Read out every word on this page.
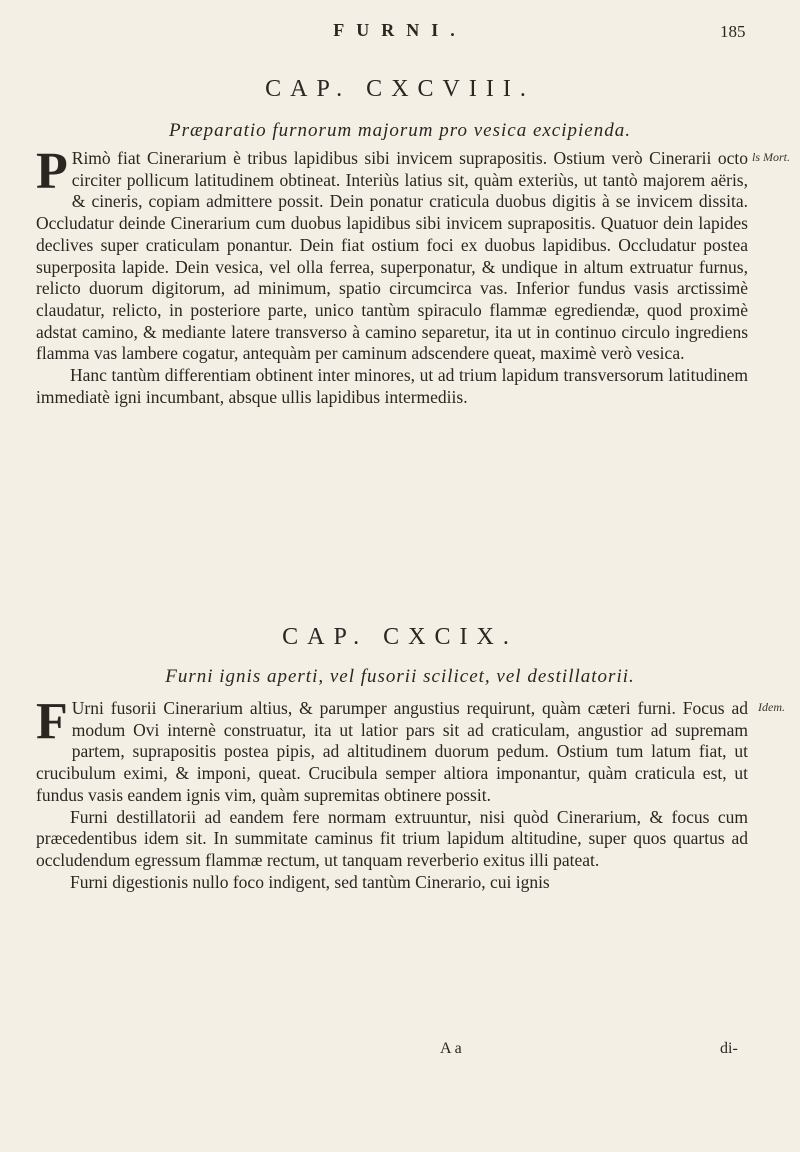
FURNI.	185
CAP. CXCVIII.
Præparatio furnorum majorum pro vesica excipienda.
ls Mort.

P Rimò fiat Cinerarium è tribus lapidibus sibi invicem suprapositis. Ostium verò Cinerarii octo circiter pollicum latitudinem obtineat. Interiùs latius sit, quàm exteriùs, ut tantò majorem aëris, & cineris, copiam admittere possit. Dein ponatur craticula duobus digitis à se invicem dissita. Occludatur deinde Cinerarium cum duobus lapidibus sibi invicem suprapositis. Quatuor dein lapides declives super craticulam ponantur. Dein fiat ostium foci ex duobus lapidibus. Occludatur postea superposita lapide. Dein vesica, vel olla ferrea, superponatur, & undique in altum extruatur furnus, relicto duorum digitorum, ad minimum, spatio circumcirca vas. Inferior fundus vasis arctissimè claudatur, relicto, in posteriore parte, unico tantùm spiraculo flammæ egrediendæ, quod proximè adstat camino, & mediante latere transverso à camino separetur, ita ut in continuo circulo ingrediens flamma vas lambere cogatur, antequàm per caminum adscendere queat, maximè verò vesica.

Hanc tantùm differentiam obtinent inter minores, ut ad trium lapidum transversorum latitudinem immediatè igni incumbant, absque ullis lapidibus intermediis.

CAP. CXCIX.
Furni ignis aperti, vel fusorii scilicet, vel destillatorii.
Idem.

F Urni fusorii Cinerarium altius, & parumper angustius requirunt, quàm cæteri furni. Focus ad modum Ovi internè construatur, ita ut latior pars sit ad craticulam, angustior ad supremam partem, suprapositis postea pipis, ad altitudinem duorum pedum. Ostium tum latum fiat, ut crucibulum eximi, & imponi, queat. Crucibula semper altiora imponantur, quàm craticula est, ut fundus vasis eandem ignis vim, quàm supremitas obtinere possit.

Furni destillatorii ad eandem fere normam extruuntur, nisi quòd Cinerarium, & focus cum præcedentibus idem sit. In summitate caminus fit trium lapidum altitudine, super quos quartus ad occludendum egressum flammæ rectum, ut tanquam reverberio exitus illi pateat.

Furni digestionis nullo foco indigent, sed tantùm Cinerario, cui ignis

A a	di-
